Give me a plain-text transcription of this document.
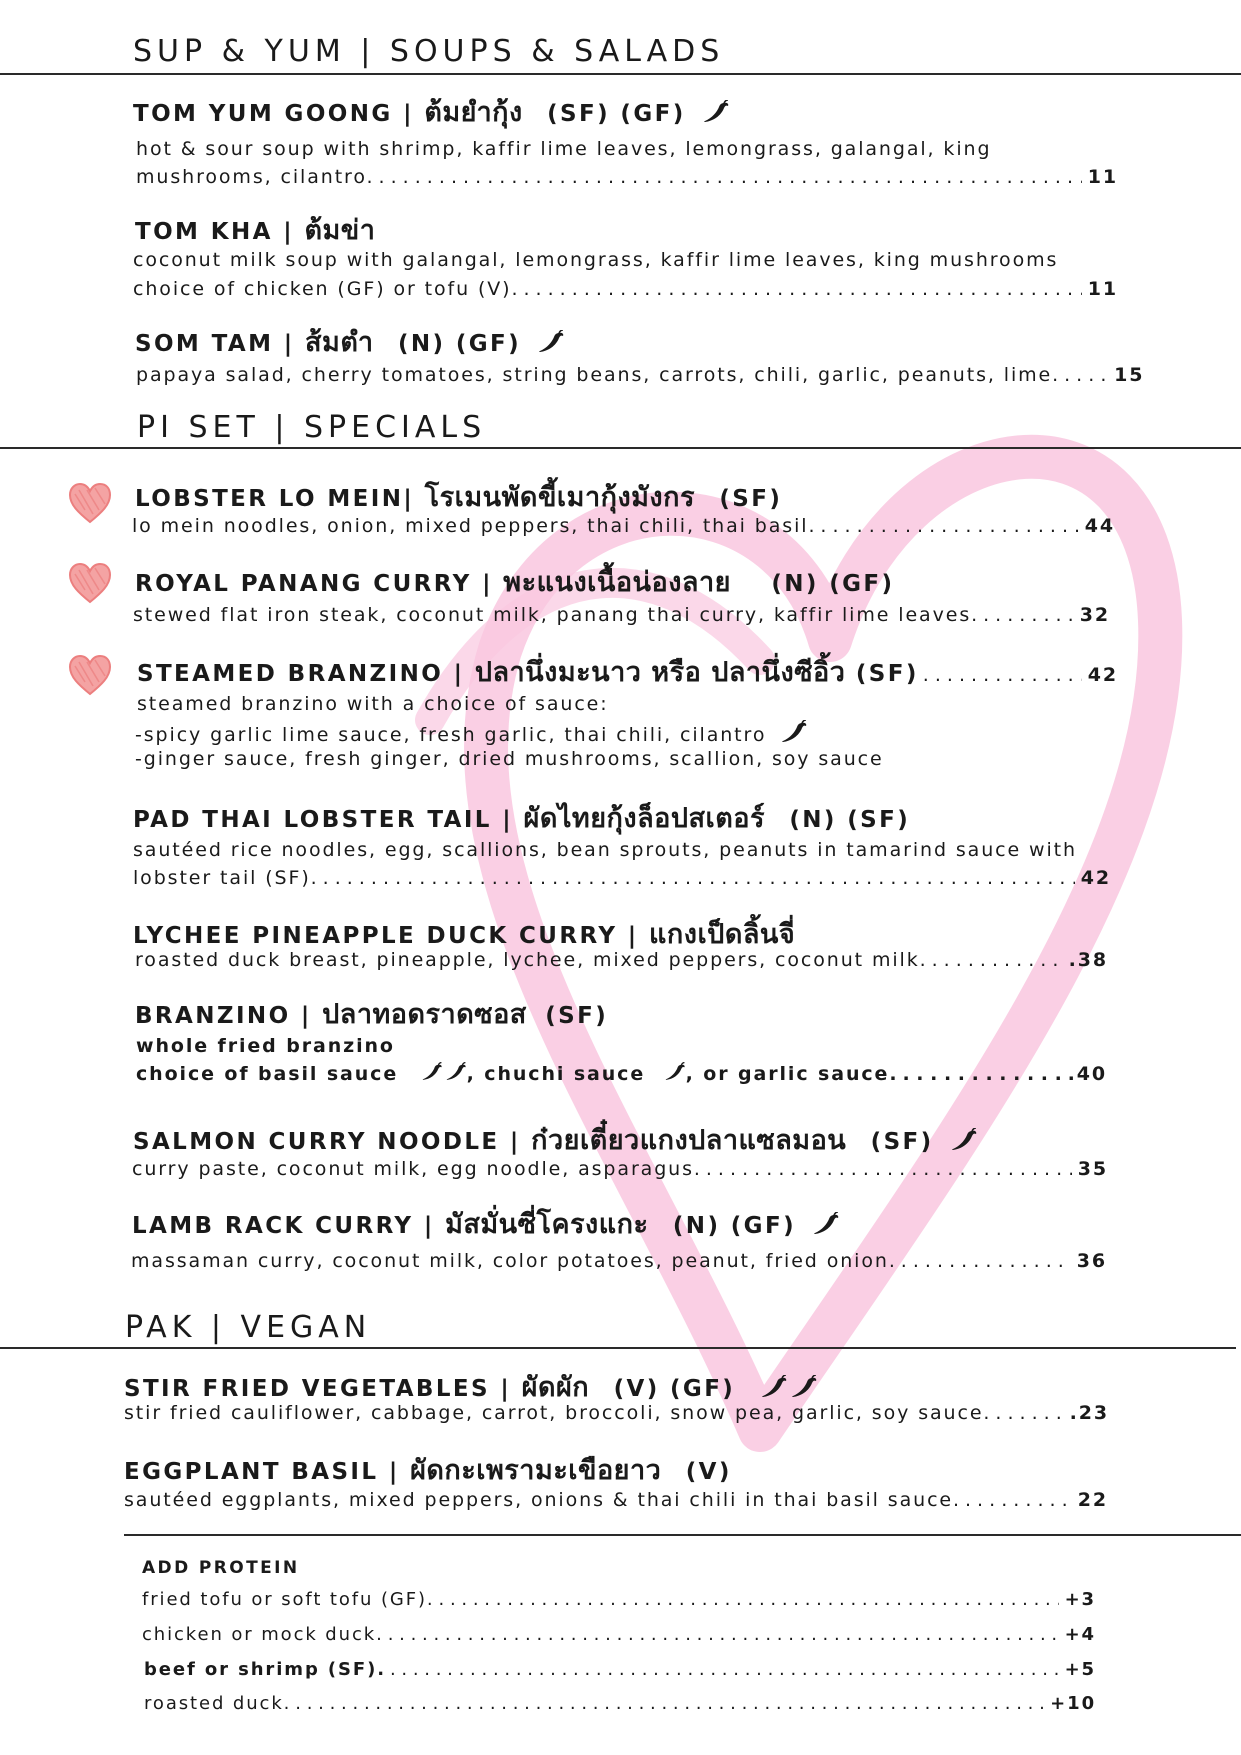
SUP & YUM | SOUPS & SALADS
TOM YUM GOONG | ต้มยำกุ้ง (SF) (GF)
hot & sour soup with shrimp, kaffir lime leaves, lemongrass, galangal, king
mushrooms, cilantro. . . .	11
TOM KHA | ต้มข่า
coconut milk soup with galangal, lemongrass, kaffir lime leaves, king mushrooms
choice of chicken (GF) or tofu (V). . . .	11
SOM TAM | ส้มตำ (N) (GF)
papaya salad, cherry tomatoes, string beans, carrots, chili, garlic, peanuts, lime. . . .	15
PI SET | SPECIALS
LOBSTER LO MEIN| โรเมนพัดขี้เมากุ้งมังกร (SF)
lo mein noodles, onion, mixed peppers, thai chili, thai basil. . . .	44
ROYAL PANANG CURRY | พะแนงเนื้อน่องลาย (N) (GF)
stewed flat iron steak, coconut milk, panang thai curry, kaffir lime leaves. . . .	32
STEAMED BRANZINO | ปลานึ่งมะนาว หรือ ปลานึ่งซีอิ้ว (SF) . . .	42
steamed branzino with a choice of sauce:
-spicy garlic lime sauce, fresh garlic, thai chili, cilantro
-ginger sauce, fresh ginger, dried mushrooms, scallion, soy sauce
PAD THAI LOBSTER TAIL | ผัดไทยกุ้งล็อปสเตอร์ (N) (SF)
sautéed rice noodles, egg, scallions, bean sprouts, peanuts in tamarind sauce with
lobster tail (SF). . . .	42
LYCHEE PINEAPPLE DUCK CURRY | แกงเป็ดลิ้นจี่
roasted duck breast, pineapple, lychee, mixed peppers, coconut milk. . . .	.38
BRANZINO | ปลาทอดราดซอส (SF)
whole fried branzino
choice of basil sauce	, chuchi sauce , or garlic sauce. . . .	.40
SALMON CURRY NOODLE | ก๋วยเตี๋ยวแกงปลาแซลมอน (SF)
curry paste, coconut milk, egg noodle, asparagus. . . .	35
LAMB RACK CURRY | มัสมั่นซี่โครงแกะ (N) (GF)
massaman curry, coconut milk, color potatoes, peanut, fried onion. . . .	36
PAK | VEGAN
STIR FRIED VEGETABLES | ผัดผัก (V) (GF)
stir fried cauliflower, cabbage, carrot, broccoli, snow pea, garlic, soy sauce. . . .	.23
EGGPLANT BASIL | ผัดกะเพรามะเขือยาว (V)
sautéed eggplants, mixed peppers, onions & thai chili in thai basil sauce. . . .	22
ADD PROTEIN
fried tofu or soft tofu (GF). . . .	+3
chicken or mock duck. . . .	+4
beef or shrimp (SF). . . .	+5
roasted duck. . . .	+10
